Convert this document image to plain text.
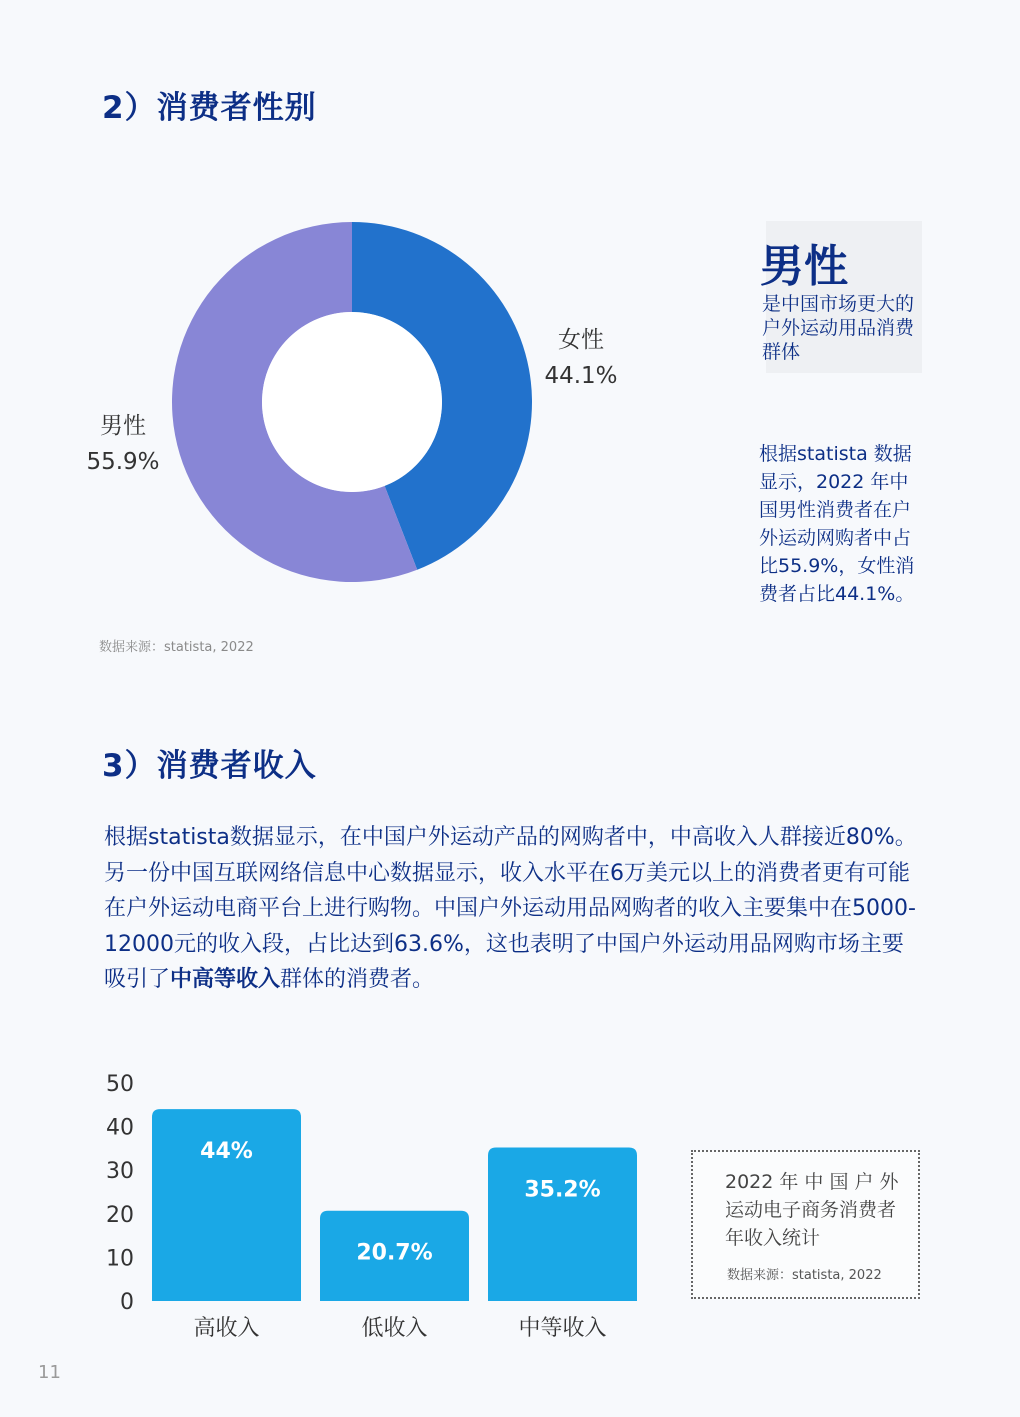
2）消费者性别
女性
44.1%
男性
55.9%
数据来源：statista, 2022
男性
是中国市场更大的户外运动用品消费群体
根据statista 数据显示，2022 年中国男性消费者在户外运动网购者中占比55.9%，女性消费者占比44.1%。
3）消费者收入
根据statista数据显示，在中国户外运动产品的网购者中，中高收入人群接近80%。另一份中国互联网络信息中心数据显示，收入水平在6万美元以上的消费者更有可能在户外运动电商平台上进行购物。中国户外运动用品网购者的收入主要集中在5000-12000元的收入段，占比达到63.6%，这也表明了中国户外运动用品网购市场主要吸引了中高等收入群体的消费者。
0
10
20
30
40
50
44%
高收入
20.7%
低收入
35.2%
中等收入
2022 年 中 国 户 外运动电子商务消费者年收入统计
数据来源：statista, 2022
11
